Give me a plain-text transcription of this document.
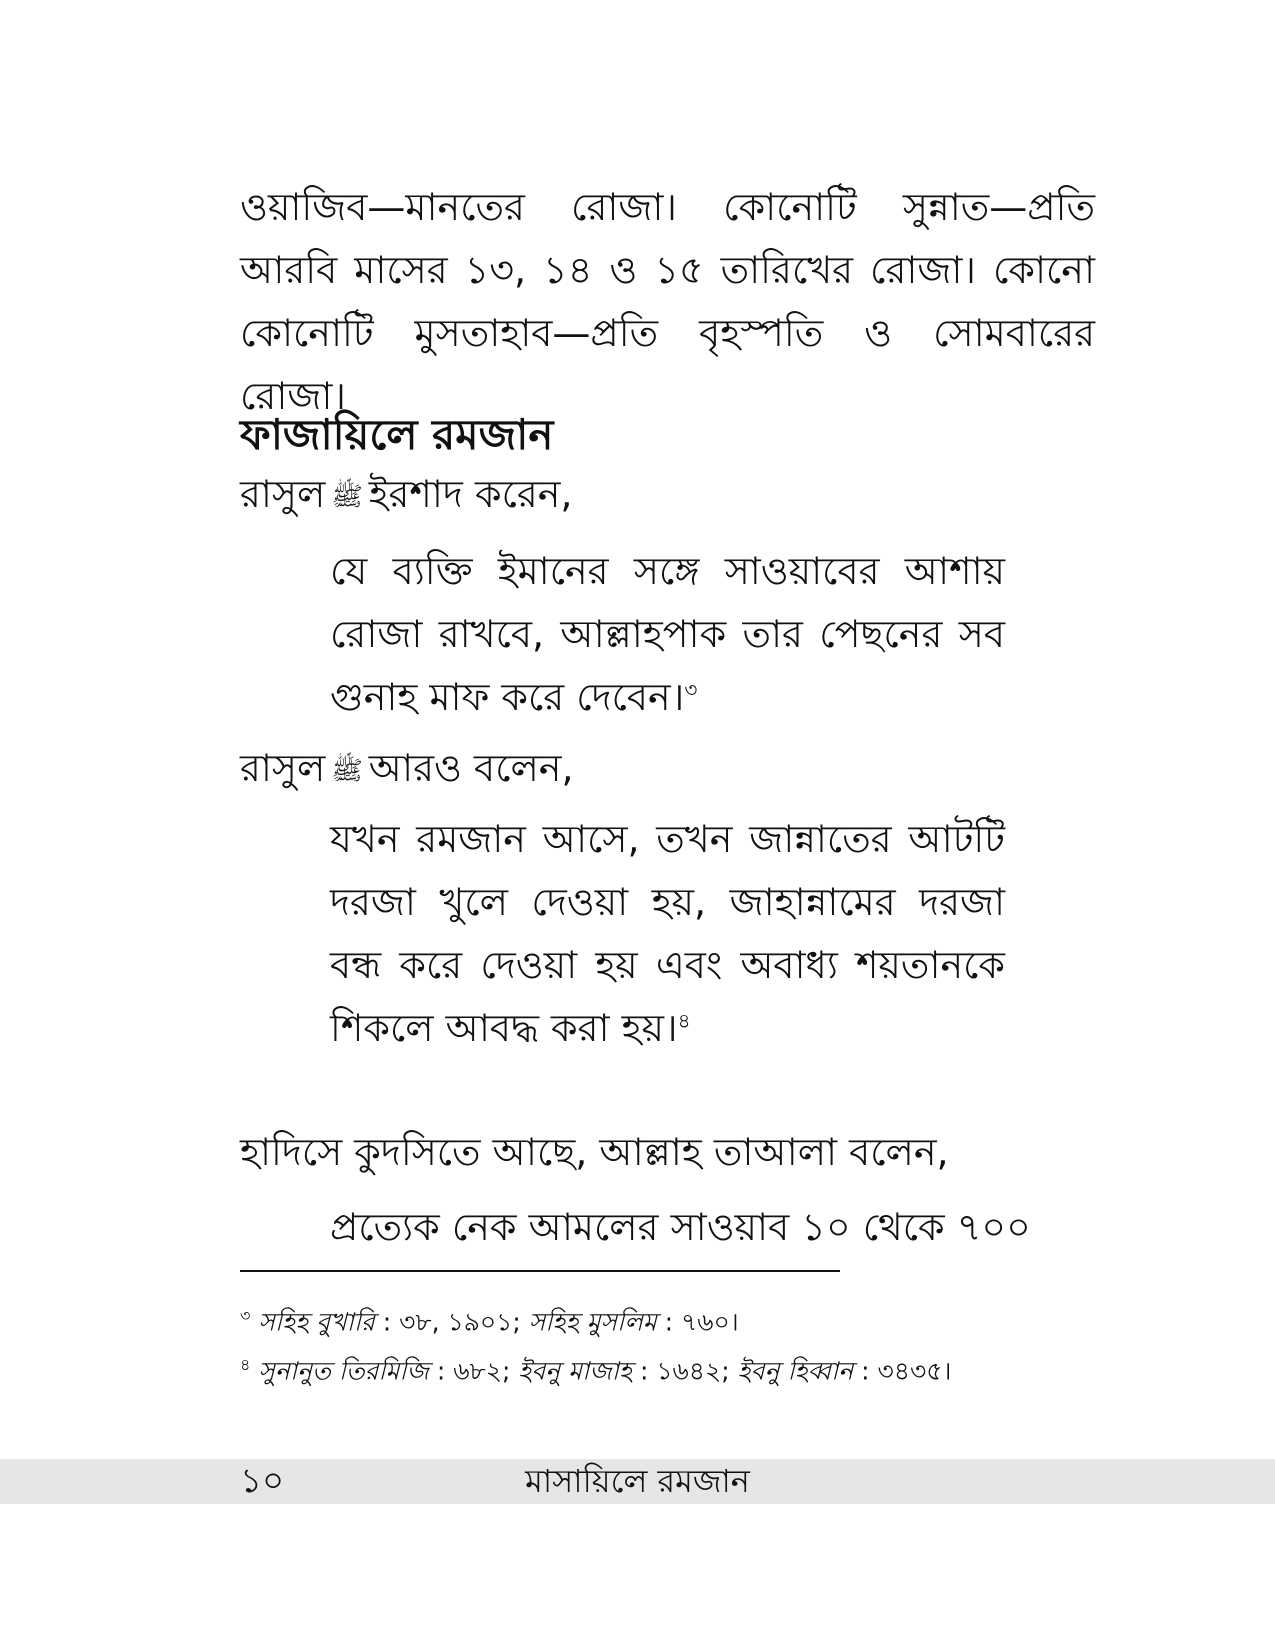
ওয়াজিব—মানতের রোজা। কোনোটি সুন্নাত—প্রতি আরবি মাসের ১৩, ১৪ ও ১৫ তারিখের রোজা। কোনো কোনোটি মুসতাহাব—প্রতি বৃহস্পতি ও সোমবারের রোজা।

ফাজায়িলে রমজান

রাসুল ﷺ ইরশাদ করেন,

যে ব্যক্তি ইমানের সঙ্গে সাওয়াবের আশায় রোজা রাখবে, আল্লাহপাক তার পেছনের সব গুনাহ মাফ করে দেবেন।$^৩$

রাসুল ﷺ আরও বলেন,

যখন রমজান আসে, তখন জান্নাতের আটটি দরজা খুলে দেওয়া হয়, জাহান্নামের দরজা বন্ধ করে দেওয়া হয় এবং অবাধ্য শয়তানকে শিকলে আবদ্ধ করা হয়।$^৪$

হাদিসে কুদসিতে আছে, আল্লাহ তাআলা বলেন,

প্রত্যেক নেক আমলের সাওয়াব ১০ থেকে ৭০০

$^৩$ সহিহ বুখারি : ৩৮, ১৯০১; সহিহ মুসলিম : ৭৬০।

$^৪$ সুনানুত তিরমিজি : ৬৮২; ইবনু মাজাহ : ১৬৪২; ইবনু হিব্বান : ৩৪৩৫।

১০	মাসায়িলে রমজান
